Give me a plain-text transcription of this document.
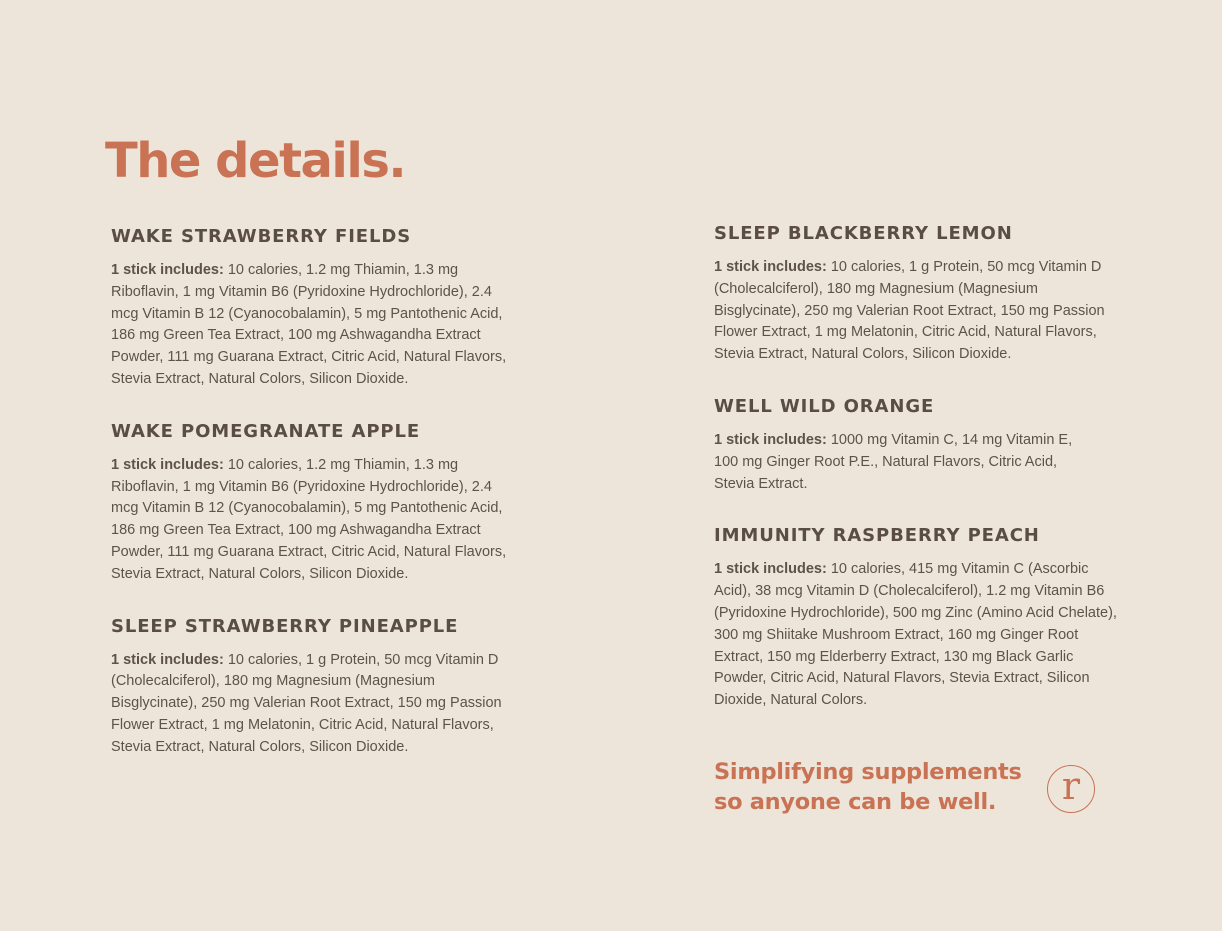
The details.
WAKE STRAWBERRY FIELDS

1 stick includes: 10 calories, 1.2 mg Thiamin, 1.3 mg Riboflavin, 1 mg Vitamin B6 (Pyridoxine Hydrochloride), 2.4 mcg Vitamin B 12 (Cyanocobalamin), 5 mg Pantothenic Acid, 186 mg Green Tea Extract, 100 mg Ashwagandha Extract Powder, 111 mg Guarana Extract, Citric Acid, Natural Flavors, Stevia Extract, Natural Colors, Silicon Dioxide.

WAKE POMEGRANATE APPLE

1 stick includes: 10 calories, 1.2 mg Thiamin, 1.3 mg Riboflavin, 1 mg Vitamin B6 (Pyridoxine Hydrochloride), 2.4 mcg Vitamin B 12 (Cyanocobalamin), 5 mg Pantothenic Acid, 186 mg Green Tea Extract, 100 mg Ashwagandha Extract Powder, 111 mg Guarana Extract, Citric Acid, Natural Flavors, Stevia Extract, Natural Colors, Silicon Dioxide.

SLEEP STRAWBERRY PINEAPPLE

1 stick includes: 10 calories, 1 g Protein, 50 mcg Vitamin D (Cholecalciferol), 180 mg Magnesium (Magnesium Bisglycinate), 250 mg Valerian Root Extract, 150 mg Passion Flower Extract, 1 mg Melatonin, Citric Acid, Natural Flavors, Stevia Extract, Natural Colors, Silicon Dioxide.

SLEEP BLACKBERRY LEMON

1 stick includes: 10 calories, 1 g Protein, 50 mcg Vitamin D (Cholecalciferol), 180 mg Magnesium (Magnesium Bisglycinate), 250 mg Valerian Root Extract, 150 mg Passion Flower Extract, 1 mg Melatonin, Citric Acid, Natural Flavors, Stevia Extract, Natural Colors, Silicon Dioxide.

WELL WILD ORANGE

1 stick includes: 1000 mg Vitamin C, 14 mg Vitamin E, 100 mg Ginger Root P.E., Natural Flavors, Citric Acid, Stevia Extract.

IMMUNITY RASPBERRY PEACH

1 stick includes: 10 calories, 415 mg Vitamin C (Ascorbic Acid), 38 mcg Vitamin D (Cholecalciferol), 1.2 mg Vitamin B6 (Pyridoxine Hydrochloride), 500 mg Zinc (Amino Acid Chelate), 300 mg Shiitake Mushroom Extract, 160 mg Ginger Root Extract, 150 mg Elderberry Extract, 130 mg Black Garlic Powder, Citric Acid, Natural Flavors, Stevia Extract, Silicon Dioxide, Natural Colors.

Simplifying supplements
so anyone can be well.	r
